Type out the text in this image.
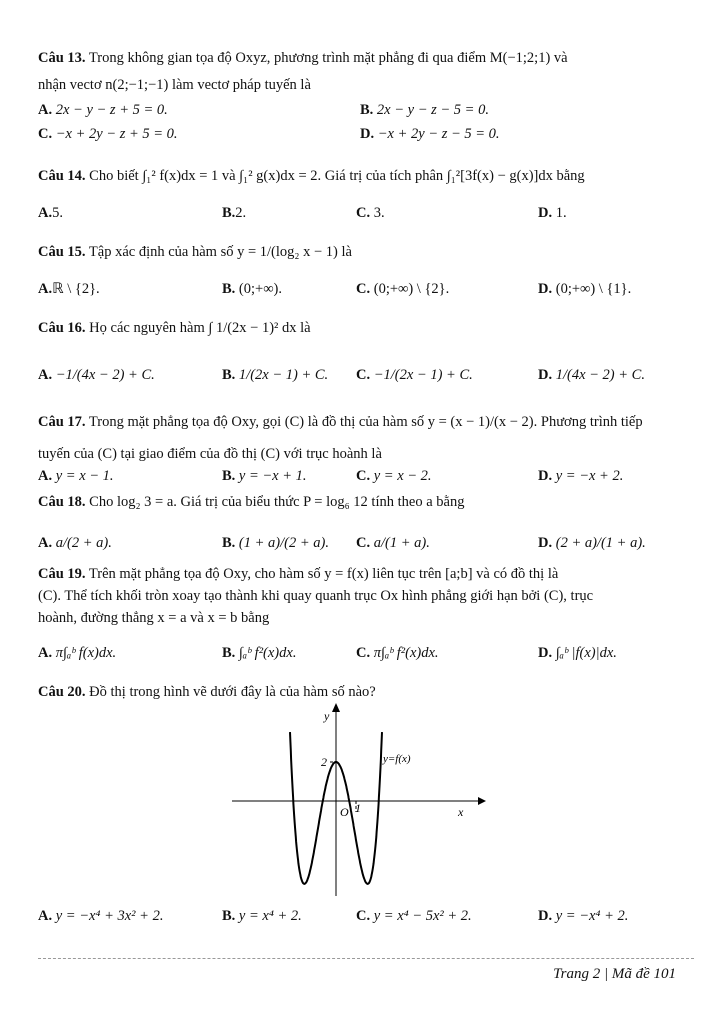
Câu 13. Trong không gian tọa độ Oxyz, phương trình mặt phẳng đi qua điểm M(−1;2;1) và
nhận vectơ n(2;−1;−1) làm vectơ pháp tuyến là
A. 2x − y − z + 5 = 0.	B. 2x − y − z − 5 = 0.
C. −x + 2y − z + 5 = 0.	D. −x + 2y − z − 5 = 0.
Câu 14. Cho biết ∫₁² f(x)dx = 1 và ∫₁² g(x)dx = 2. Giá trị của tích phân ∫₁²[3f(x) − g(x)]dx bằng
A.5.	B.2.	C. 3.	D. 1.
Câu 15. Tập xác định của hàm số y = 1/(log₂ x − 1) là
A.ℝ \ {2}.	B. (0;+∞).	C. (0;+∞) \ {2}.	D. (0;+∞) \ {1}.
Câu 16. Họ các nguyên hàm ∫ 1/(2x − 1)² dx là
A. −1/(4x − 2) + C.	B. 1/(2x − 1) + C. C. −1/(2x − 1) + C.	D. 1/(4x − 2) + C.
Câu 17. Trong mặt phẳng tọa độ Oxy, gọi (C) là đồ thị của hàm số y = (x − 1)/(x − 2). Phương trình tiếp
tuyến của (C) tại giao điểm của đồ thị (C) với trục hoành là
A. y = x − 1.	B. y = −x + 1.	C. y = x − 2.	D. y = −x + 2.
Câu 18. Cho log₂ 3 = a. Giá trị của biểu thức P = log₆ 12 tính theo a bằng
A. a/(2 + a).	B. (1 + a)/(2 + a). C. a/(1 + a).	D. (2 + a)/(1 + a).
Câu 19. Trên mặt phẳng tọa độ Oxy, cho hàm số y = f(x) liên tục trên [a;b] và có đồ thị là
(C). Thể tích khối tròn xoay tạo thành khi quay quanh trục Ox hình phẳng giới hạn bởi (C), trục
hoành, đường thẳng x = a và x = b bằng
A. π∫ₐᵇ f(x)dx.	B. ∫ₐᵇ f²(x)dx.	C. π∫ₐᵇ f²(x)dx.	D. ∫ₐᵇ |f(x)|dx.
Câu 20. Đồ thị trong hình vẽ dưới đây là của hàm số nào?
y
x
O 1
2	y=f(x)
A. y = −x⁴ + 3x² + 2.	B. y = x⁴ + 2.	C. y = x⁴ − 5x² + 2.	D. y = −x⁴ + 2.
Trang 2 | Mã đề 101
